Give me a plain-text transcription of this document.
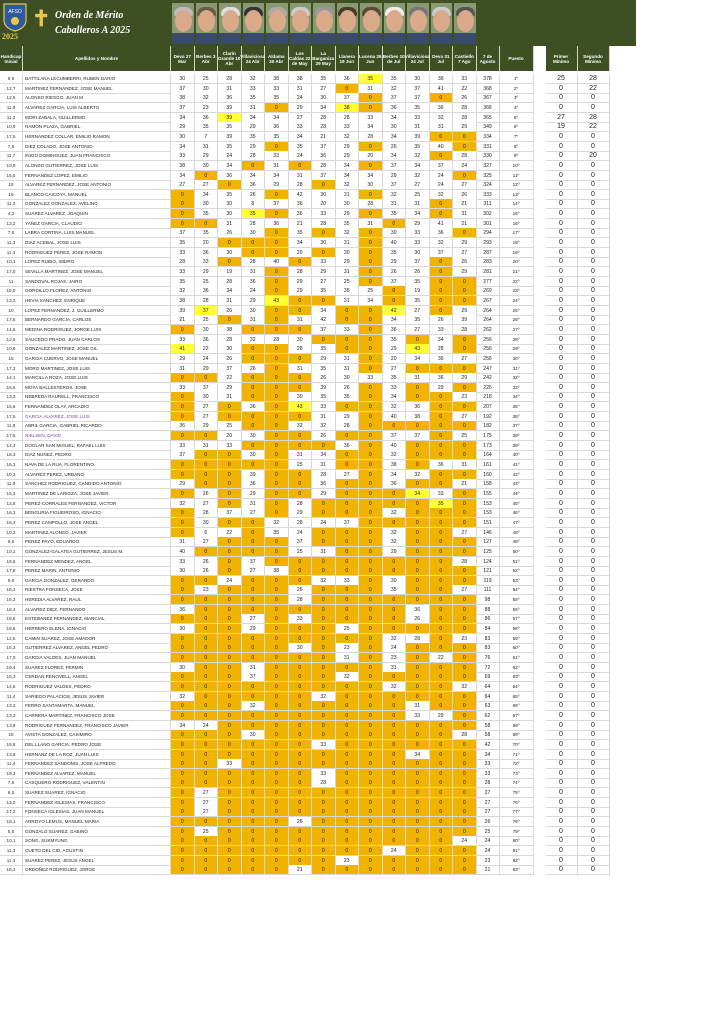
AFSO
2025
✝ Orden de Mérito
Caballeros A 2025
Handicap Inicial	Apellidos y Nombre	Deva 27 Mar
Berbes 3 Abr
Clarín Grande 10 Abr
Villaviciosa 24 Abr
Aldama 30 Abr
Los Caldas 22 de May
La Barganiza 29 May
Llanera 19 Jun
Lucena 26 Jun
Berbes 10 de Jul
Villaviciosa 24 Jul
Deva 31 Jul
Castiello 7 Ago
7 de Agosto	Puesto	Primer Mínimo
Segundo Mínimo
9,5	BATTILANA LECUMBERRI, RUBEN DARIO	30	25	28	32	38	38	35	36	35	35	30	36	33	378	1º	25	28
12,7	MARTINEZ FERNANDEZ, JOSE MANUEL	37	30	31	33	33	31	27	0	31	32	37	41	22	368	2º	0	22
12,5	ALONSO RIESGO, JUAN M	38	32	36	35	35	24	30	37	0	37	37	0	26	367	3º	0	0
11,8	ALVAREZ GARCIA, LUIS ALBERTO	37	23	39	31	0	29	34	38	0	36	35	36	28	366	4º	0	0
11,2	MORI ZABALA, GUILLERMO	34	36	39	34	34	27	28	28	33	34	33	32	28	365	5º	27	28
10,9	RAMON PLAZA, GABRIEL	29	35	35	29	36	33	28	33	34	30	31	31	29	349	6º	19	22
17,5	HERNANDEZ COLLAR, EMILIO RAMON	30	7	39	35	35	34	21	32	28	34	39	0	0	334	7º	0	0
7,5	DIEZ COLADO, JOSE ANTONIO	34	31	35	29	0	35	37	29	0	26	35	40	0	331	8º	0	0
11,7	IÑIGO DOMINGUEZ, JUAN FRANCISCO	33	29	24	28	33	24	36	29	20	34	32	0	28	330	9º	0	20
10,9	ALONSO GUTIERREZ, JOSE LUIS	38	30	34	0	31	0	28	34	0	37	34	37	24	327	10º	0	0
15,5	FERNANDEZ LOPEZ, EMILIO	34	0	36	34	34	31	37	34	34	29	32	24	0	325	11º	0	0
16	ALVAREZ FERNANDEZ, JOSE ANTONIO	27	27	0	36	29	28	0	32	30	37	27	24	27	324	12º	0	0
16	BLANCO CAICOYA, MANUEL	0	34	35	26	0	42	30	31	0	32	25	32	26	333	13º	0	0
11,3	GONZALEZ GONZALEZ, AVELINO	0	30	30	8	37	36	20	30	28	31	31	0	21	311	14º	0	0
4,2	SUAREZ ALVAREZ, JOAQUIN	0	35	30	35	0	36	33	29	0	35	34	0	31	302	15º	0	0
13,2	YAÑEZ GARCIA, CLAUDIO	0	0	31	28	36	21	28	35	31	0	29	41	21	301	16º	0	0
7,8	LABRA CORTINA, LUIS MANUEL	37	35	26	30	0	35	0	32	0	30	33	36	0	294	17º	0	0
11,3	DIAZ ACEBAL, JOSE LUIS	35	20	0	0	0	34	30	31	0	40	33	32	29	293	18º	0	0
11,3	RODRIGUEZ PEREZ, JOSE RAMON	33	36	30	0	0	20	0	30	0	35	30	37	27	287	19º	0	0
10,1	LOPEZ RUBIO, ISIDRO	28	33	0	28	40	0	33	29	0	29	37	0	26	283	20º	0	0
17,0	SEVILLA MARTINEZ, JOSE MANUEL	33	29	19	31	0	28	29	31	0	26	26	0	29	281	21º	0	0
11	SANDOVAL ROJAS, JAIRO	35	25	28	36	0	29	27	25	0	37	35	0	0	277	22º	0	0
15,0	GORDILLO FLOREZ, ANTONIO	32	36	34	24	0	29	35	35	25	0	19	0	0	269	23º	0	0
13,3	HEVIA SANCHEZ, ENRIQUE	38	28	31	29	43	0	0	31	34	0	35	0	0	267	24º	0	0
10	LOPEZ FERNANDEZ, J. GUILLERMO	39	37	26	30	0	0	34	0	0	42	27	0	29	264	25º	0	0
17,5	BERNARDO GARCIA, CARLOS	21	25	0	31	0	31	42	0	0	34	35	26	39	264	26º	0	0
14,6	MEDINA RODRIGUEZ, JORGE LUIS	0	30	38	0	0	0	37	33	0	36	27	33	28	262	27º	0	0
12,5	SAUCEDO PRADO, JUAN CARLOS	33	36	28	32	28	30	0	0	0	35	0	34	0	256	28º	0	0
10,6	GONZALEZ MARTINEZ, JOSE GIL	41	22	30	0	0	28	35	0	0	29	43	28	0	256	29º	0	0
15	GARCIA CUERVO, JOSE MANUEL	29	24	26	0	0	0	29	31	0	20	34	36	27	256	30º	0	0
17,3	MORO MARTINEZ, JOSE LUIS	31	29	37	26	0	31	35	31	0	27	0	0	0	247	31º	0	0
14,1	MARCILLA ROZA, JOSE LUIS	0	0	22	0	0	0	26	30	33	35	31	36	29	242	32º	0	0
15,6	MOYA BALLESTEROS, JOSE	33	37	29	0	0	0	39	26	0	33	0	29	0	226	33º	0	0
13,3	NEBREDA RAURELL, FRANCISCO	0	30	31	0	0	30	35	35	0	34	0	0	23	218	34º	0	0
15,6	FERNANDEZ OLAY, ARCADIO	0	27	0	36	0	43	33	0	0	32	36	0	0	207	35º	0	0
17,5	GARCIA ALVAREZ, JOSE LUIS	0	27	0	0	0	0	31	29	0	40	38	0	27	192	36º	0	0
11,8	ABRIL GARCIA, GABRIEL RICARDO	36	29	25	0	0	32	32	28	0	0	0	0	0	182	37º	0	0
17,5	NIELSEN, DAVID	0	0	20	30	0	0	26	0	0	37	37	0	25	175	38º	0	0
14,3	DOGLAR SAN MIGUEL, RAFAEL LUIS	33	31	33	0	0	0	0	36	0	40	0	0	0	173	39º	0	0
18,3	DIAZ NUÑEZ, PEDRO	37	0	0	30	0	31	34	0	0	32	0	0	0	164	40º	0	0
16,3	NAVA DE LA RUA, FLORENTINO	0	0	0	0	0	25	31	0	0	38	0	36	31	161	41º	0	0
10,3	ALVAREZ PEREZ, URBANO	0	0	0	39	0	0	28	27	0	34	32	0	0	160	42º	0	0
11,8	SANCHEZ RODRIGUEZ, CANDIDO ANTONIO	29	0	0	36	0	0	36	0	0	36	0	0	21	158	43º	0	0
15,3	MARTINEZ DE LARIGZA, JOSE JAVIER	0	26	0	29	0	0	29	0	0	0	34	33	0	155	44º	0	0
13,8	PEREZ-CORRALES FERNANDEZ, VICTOR	32	27	0	31	0	28	0	0	0	0	0	35	0	153	45º	0	0
16,3	BENGURIA FIGUEIROSO, IGNACIO	0	28	37	27	0	29	0	0	0	32	0	0	0	153	46º	0	0
16,3	PEREZ CAMPOLLO, JOSE ANGEL	0	30	0	0	32	28	24	37	0	0	0	0	0	151	47º	0	0
10,3	MARTINEZ ALONSO, JAVIER	0	6	22	0	35	24	0	0	0	32	0	0	27	146	48º	0	0
9,5	PEREZ PAYO, EDUARDO	31	27	0	0	0	37	0	0	0	32	0	0	0	127	49º	0	0
10,1	GONZALEZ-GALATEA GUTIERREZ, JESUS M.	40	0	0	0	0	25	31	0	0	29	0	0	0	125	50º	0	0
16,6	FERNANDEZ MENDEZ, ANGEL	33	26	0	37	0	0	0	0	0	0	0	0	28	124	51º	0	0
17,8	PEREZ MARIN, ANTONIO	30	26	0	27	38	0	0	0	0	0	0	0	0	121	52º	0	0
9,6	GARCIA GONZALEZ, GERARDO	0	0	24	0	0	0	32	33	0	30	0	0	0	119	53º	0	0
16,3	RIESTRA FONSECA, JOSE	0	23	0	0	0	26	0	0	0	35	0	0	27	111	54º	0	0
16,3	HEREDIA ALVAREZ, RAUL	0	0	0	0	0	28	0	0	0	0	0	0	0	98	55º	0	0
18,4	ALVAREZ DIEZ, FERNANDO	36	0	0	0	0	0	0	0	0	0	36	0	0	88	56º	0	0
18,5	ESTEBANEZ FERNANDEZ, MARCIAL	0	0	0	27	0	33	0	0	0	0	26	0	0	86	57º	0	0
16,6	HERRERO ELENA, IGNACIO	30	0	0	29	0	0	0	25	0	0	0	0	0	84	58º	0	0
12,5	CAMIN SUAREZ, JOSE AMADOR	0	0	0	0	0	0	0	0	0	32	28	0	23	83	59º	0	0
15,3	GUTIERREZ ALVAREZ, ANGEL PEDRO	0	0	0	0	0	30	0	23	0	24	0	0	0	83	60º	0	0
17,0	GARCIA VALDES, JUAN MANUEL	0	0	0	0	0	0	0	31	0	23	0	22	0	76	61º	0	0
19,4	SUAREZ FLOREZ, FERMIN	30	0	0	31	0	0	0	0	0	31	0	0	0	72	62º	0	0
15,3	CERDAN RENOVELL, ANGEL	0	0	0	37	0	0	0	32	0	0	0	0	0	69	63º	0	0
14,6	RODRIGUEZ VALDES, PEDRO	0	0	0	0	0	0	0	0	0	32	0	0	32	64	64º	0	0
11,4	SARIEGO PALACIOS, JESUS JAVIER	32	0	0	0	0	0	32	0	0	0	0	0	0	64	65º	0	0
13,3	FERRO SANTAMARTA, MANUEL	0	0	0	32	0	0	0	0	0	0	31	0	0	63	66º	0	0
13,3	CARRERA MARTINEZ, FRANCISCO JOSE	0	0	0	0	0	0	0	0	0	0	33	29	0	62	67º	0	0
13,8	RODRIGUEZ FERNANDEZ, FRANCISCO JAVIER	34	24	0	0	0	0	0	0	0	0	0	0	0	58	68º	0	0
18	AVISTA GONZALEZ, CASIMIRO	0	0	0	30	0	0	0	0	0	0	0	0	28	58	69º	0	0
18,8	DEL LLANO GARCIA, PEDRO JOSE	0	0	0	0	0	0	33	0	0	0	0	0	0	42	70º	0	0
13,5	HERNANZ DE LA ROZ, JUAN LUIS	0	0	0	0	0	0	0	0	0	0	34	0	0	34	71º	0	0
11,4	FERNANDEZ SANDONIS, JOSE ALFREDO	0	0	33	0	0	0	0	0	0	0	0	0	0	33	72º	0	0
19,3	FERNANDEZ ALVAREZ, MANUEL	0	0	0	0	0	0	33	0	0	0	0	0	0	33	73º	0	0
7,8	CASQUERO RODRIGUEZ, VALENTIN	0	0	0	0	0	0	28	0	0	0	0	0	0	28	74º	0	0
9,5	SUAREZ SUAREZ, IGNACIO	0	27	0	0	0	0	0	0	0	0	0	0	0	27	75º	0	0
13,0	FERNANDEZ IGLESIAS, FRANCISCO	0	27	0	0	0	0	0	0	0	0	0	0	0	27	76º	0	0
17,2	FONSECA IGLESIAS, JUAN MANUEL	0	27	0	0	0	0	0	0	0	0	0	0	0	27	77º	0	0
18,1	ARROYO LEMUS, MANUEL MARIA	0	0	0	0	0	26	0	0	0	0	0	0	0	26	78º	0	0
5,5	GONZALO SUAREZ, GABINO	0	25	0	0	0	0	0	0	0	0	0	0	0	25	79º	0	0
10,1	SONG, SUKMYUNG	0	0	0	0	0	0	0	0	0	0	0	0	24	24	80º	0	0
11,3	CUETO DEL CID, AGUSTIN	0	0	0	0	0	0	0	0	0	24	0	0	0	24	81º	0	0
11,3	SUAREZ PEREZ, JESUS ANGEL	0	0	0	0	0	0	0	23	0	0	0	0	0	23	82º	0	0
16,3	ORDOÑEZ RODRIGUEZ, JORGE	0	0	0	0	0	21	0	0	0	0	0	0	0	21	83º	0	0
